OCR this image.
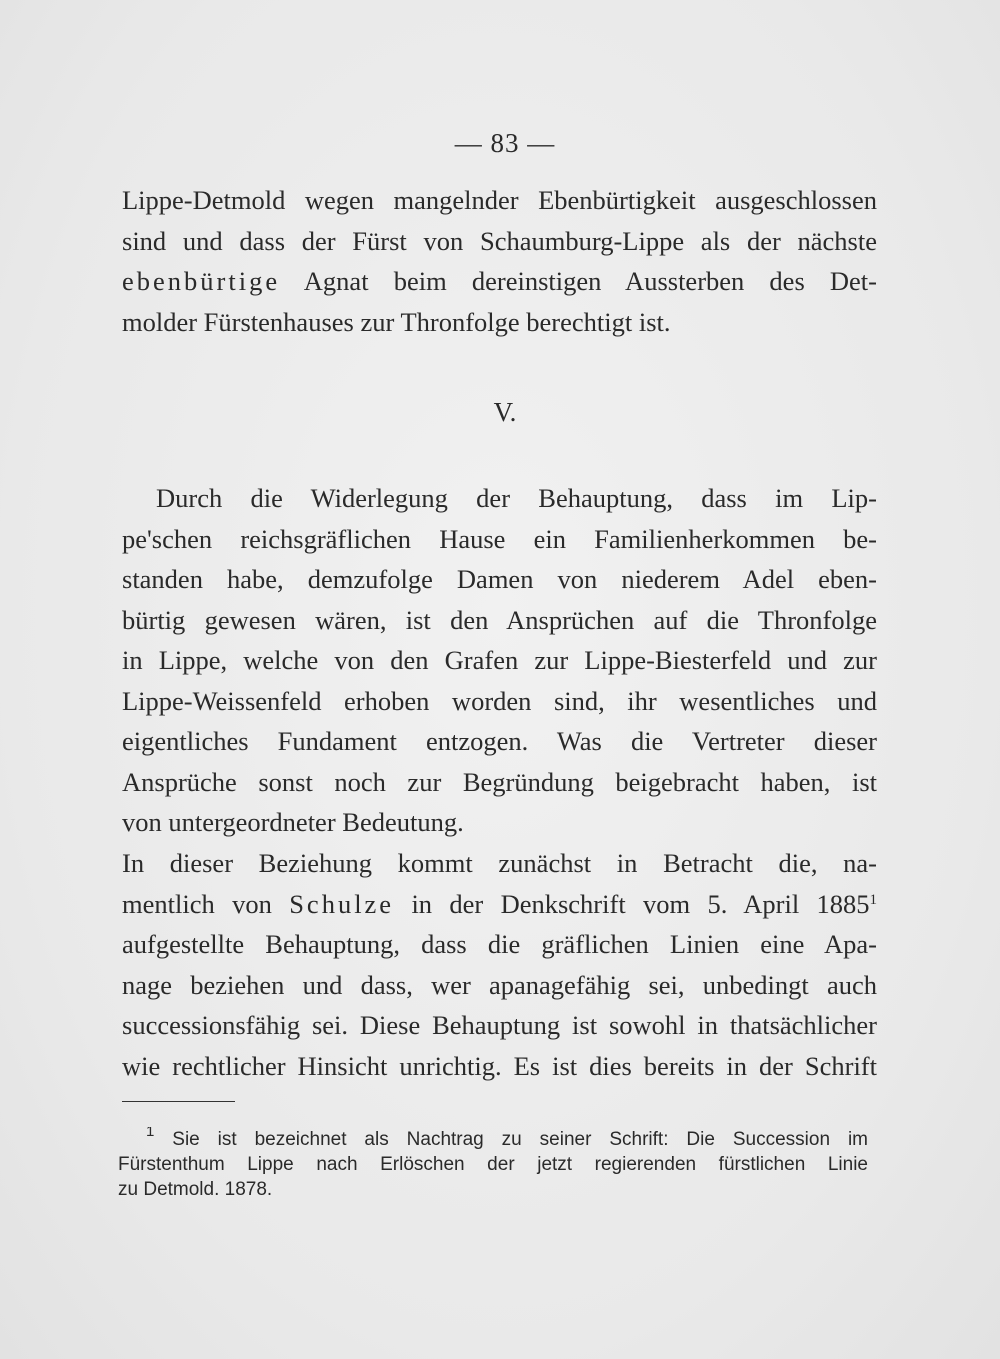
— 83 —
Lippe-Detmold wegen mangelnder Ebenbürtigkeit ausgeschlossen
sind und dass der Fürst von Schaumburg-Lippe als der nächste
ebenbürtige Agnat beim dereinstigen Aussterben des Det-
molder Fürstenhauses zur Thronfolge berechtigt ist.
V.
Durch die Widerlegung der Behauptung, dass im Lip-
pe'schen reichsgräflichen Hause ein Familienherkommen be-
standen habe, demzufolge Damen von niederem Adel eben-
bürtig gewesen wären, ist den Ansprüchen auf die Thronfolge
in Lippe, welche von den Grafen zur Lippe-Biesterfeld und zur
Lippe-Weissenfeld erhoben worden sind, ihr wesentliches und
eigentliches Fundament entzogen. Was die Vertreter dieser
Ansprüche sonst noch zur Begründung beigebracht haben, ist
von untergeordneter Bedeutung.
In dieser Beziehung kommt zunächst in Betracht die, na-
mentlich von Schulze in der Denkschrift vom 5. April 1885$^1$
aufgestellte Behauptung, dass die gräflichen Linien eine Apa-
nage beziehen und dass, wer apanagefähig sei, unbedingt auch
successionsfähig sei. Diese Behauptung ist sowohl in thatsächlicher
wie rechtlicher Hinsicht unrichtig. Es ist dies bereits in der Schrift
$^1$ Sie ist bezeichnet als Nachtrag zu seiner Schrift: Die Succession im
Fürstenthum Lippe nach Erlöschen der jetzt regierenden fürstlichen Linie
zu Detmold. 1878.
